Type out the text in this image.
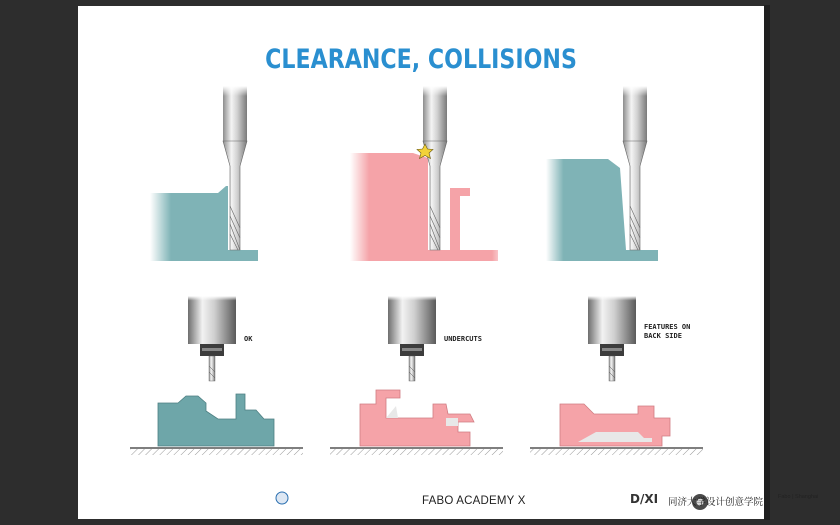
CLEARANCE, COLLISIONS
OK	UNDERCUTS
FEATURES ON
BACK SIDE
FABO ACADEMY X	D/XI 同济大学设计创意学院	Fabo | Shanghai
